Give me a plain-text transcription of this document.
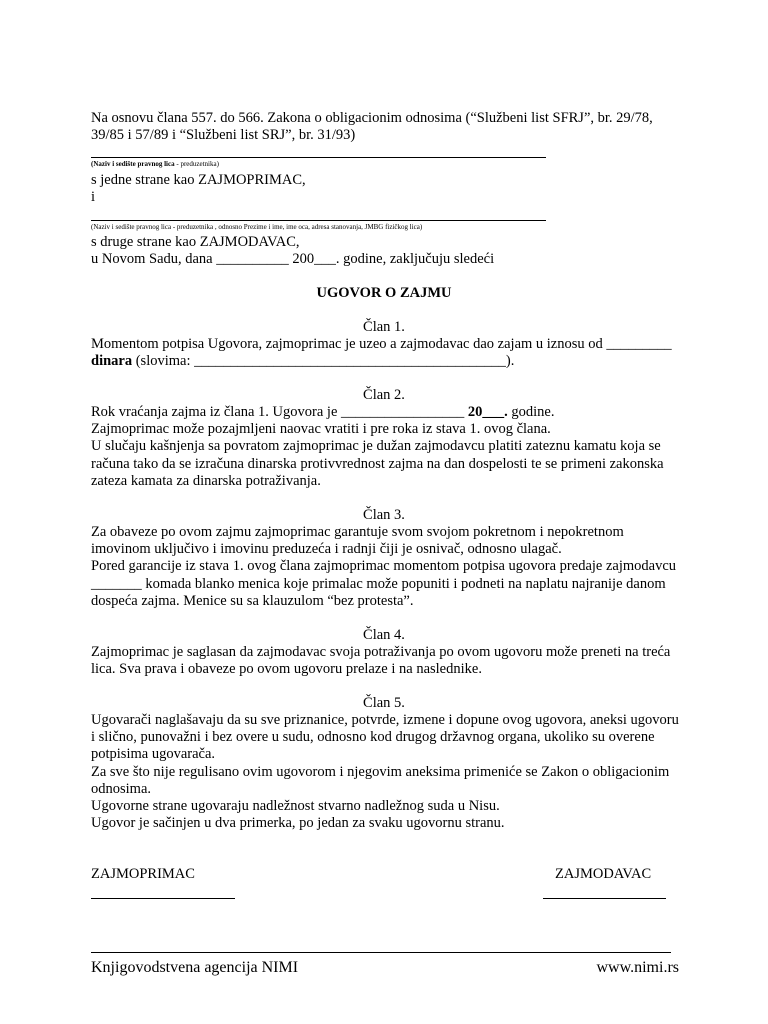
Na osnovu člana 557. do 566. Zakona o obligacionim odnosima (“Službeni list SFRJ”, br. 29/78,
39/85 i 57/89 i “Službeni list SRJ”, br. 31/93)
(Naziv i sedište pravnog lica - preduzetnika)
s jedne strane kao ZAJMOPRIMAC,
i
(Naziv i sedište pravnog lica - preduzetnika , odnosno Prezime i ime, ime oca, adresa stanovanja, JMBG fizičkog lica)
s druge strane kao ZAJMODAVAC,
u Novom Sadu, dana __________ 200___. godine, zaključuju sledeći
UGOVOR O ZAJMU
Član 1.
Momentom potpisa Ugovora, zajmoprimac je uzeo a zajmodavac dao zajam u iznosu od _________
dinara (slovima: ___________________________________________).
Član 2.
Rok vraćanja zajma iz člana 1. Ugovora je _________________ 20___. godine.
Zajmoprimac može pozajmljeni naovac vratiti i pre roka iz stava 1. ovog člana.
U slučaju kašnjenja sa povratom zajmoprimac je dužan zajmodavcu platiti zateznu kamatu koja se
računa tako da se izračuna dinarska protivvrednost zajma na dan dospelosti te se primeni zakonska
zateza kamata za dinarska potraživanja.
Član 3.
Za obaveze po ovom zajmu zajmoprimac garantuje svom svojom pokretnom i nepokretnom
imovinom uključivo i imovinu preduzeća i radnji čiji je osnivač, odnosno ulagač.
Pored garancije iz stava 1. ovog člana zajmoprimac momentom potpisa ugovora predaje zajmodavcu
_______ komada blanko menica koje primalac može popuniti i podneti na naplatu najranije danom
dospeća zajma. Menice su sa klauzulom “bez protesta”.
Član 4.
Zajmoprimac je saglasan da zajmodavac svoja potraživanja po ovom ugovoru može preneti na treća
lica. Sva prava i obaveze po ovom ugovoru prelaze i na naslednike.
Član 5.
Ugovarači naglašavaju da su sve priznanice, potvrde, izmene i dopune ovog ugovora, aneksi ugovoru
i slično, punovažni i bez overe u sudu, odnosno kod drugog državnog organa, ukoliko su overene
potpisima ugovarača.
Za sve što nije regulisano ovim ugovorom i njegovim aneksima primeniće se Zakon o obligacionim
odnosima.
Ugovorne strane ugovaraju nadležnost stvarno nadležnog suda u Nisu.
Ugovor je sačinjen u dva primerka, po jedan za svaku ugovornu stranu.
ZAJMOPRIMAC	ZAJMODAVAC
Knjigovodstvena agencija NIMI	www.nimi.rs
